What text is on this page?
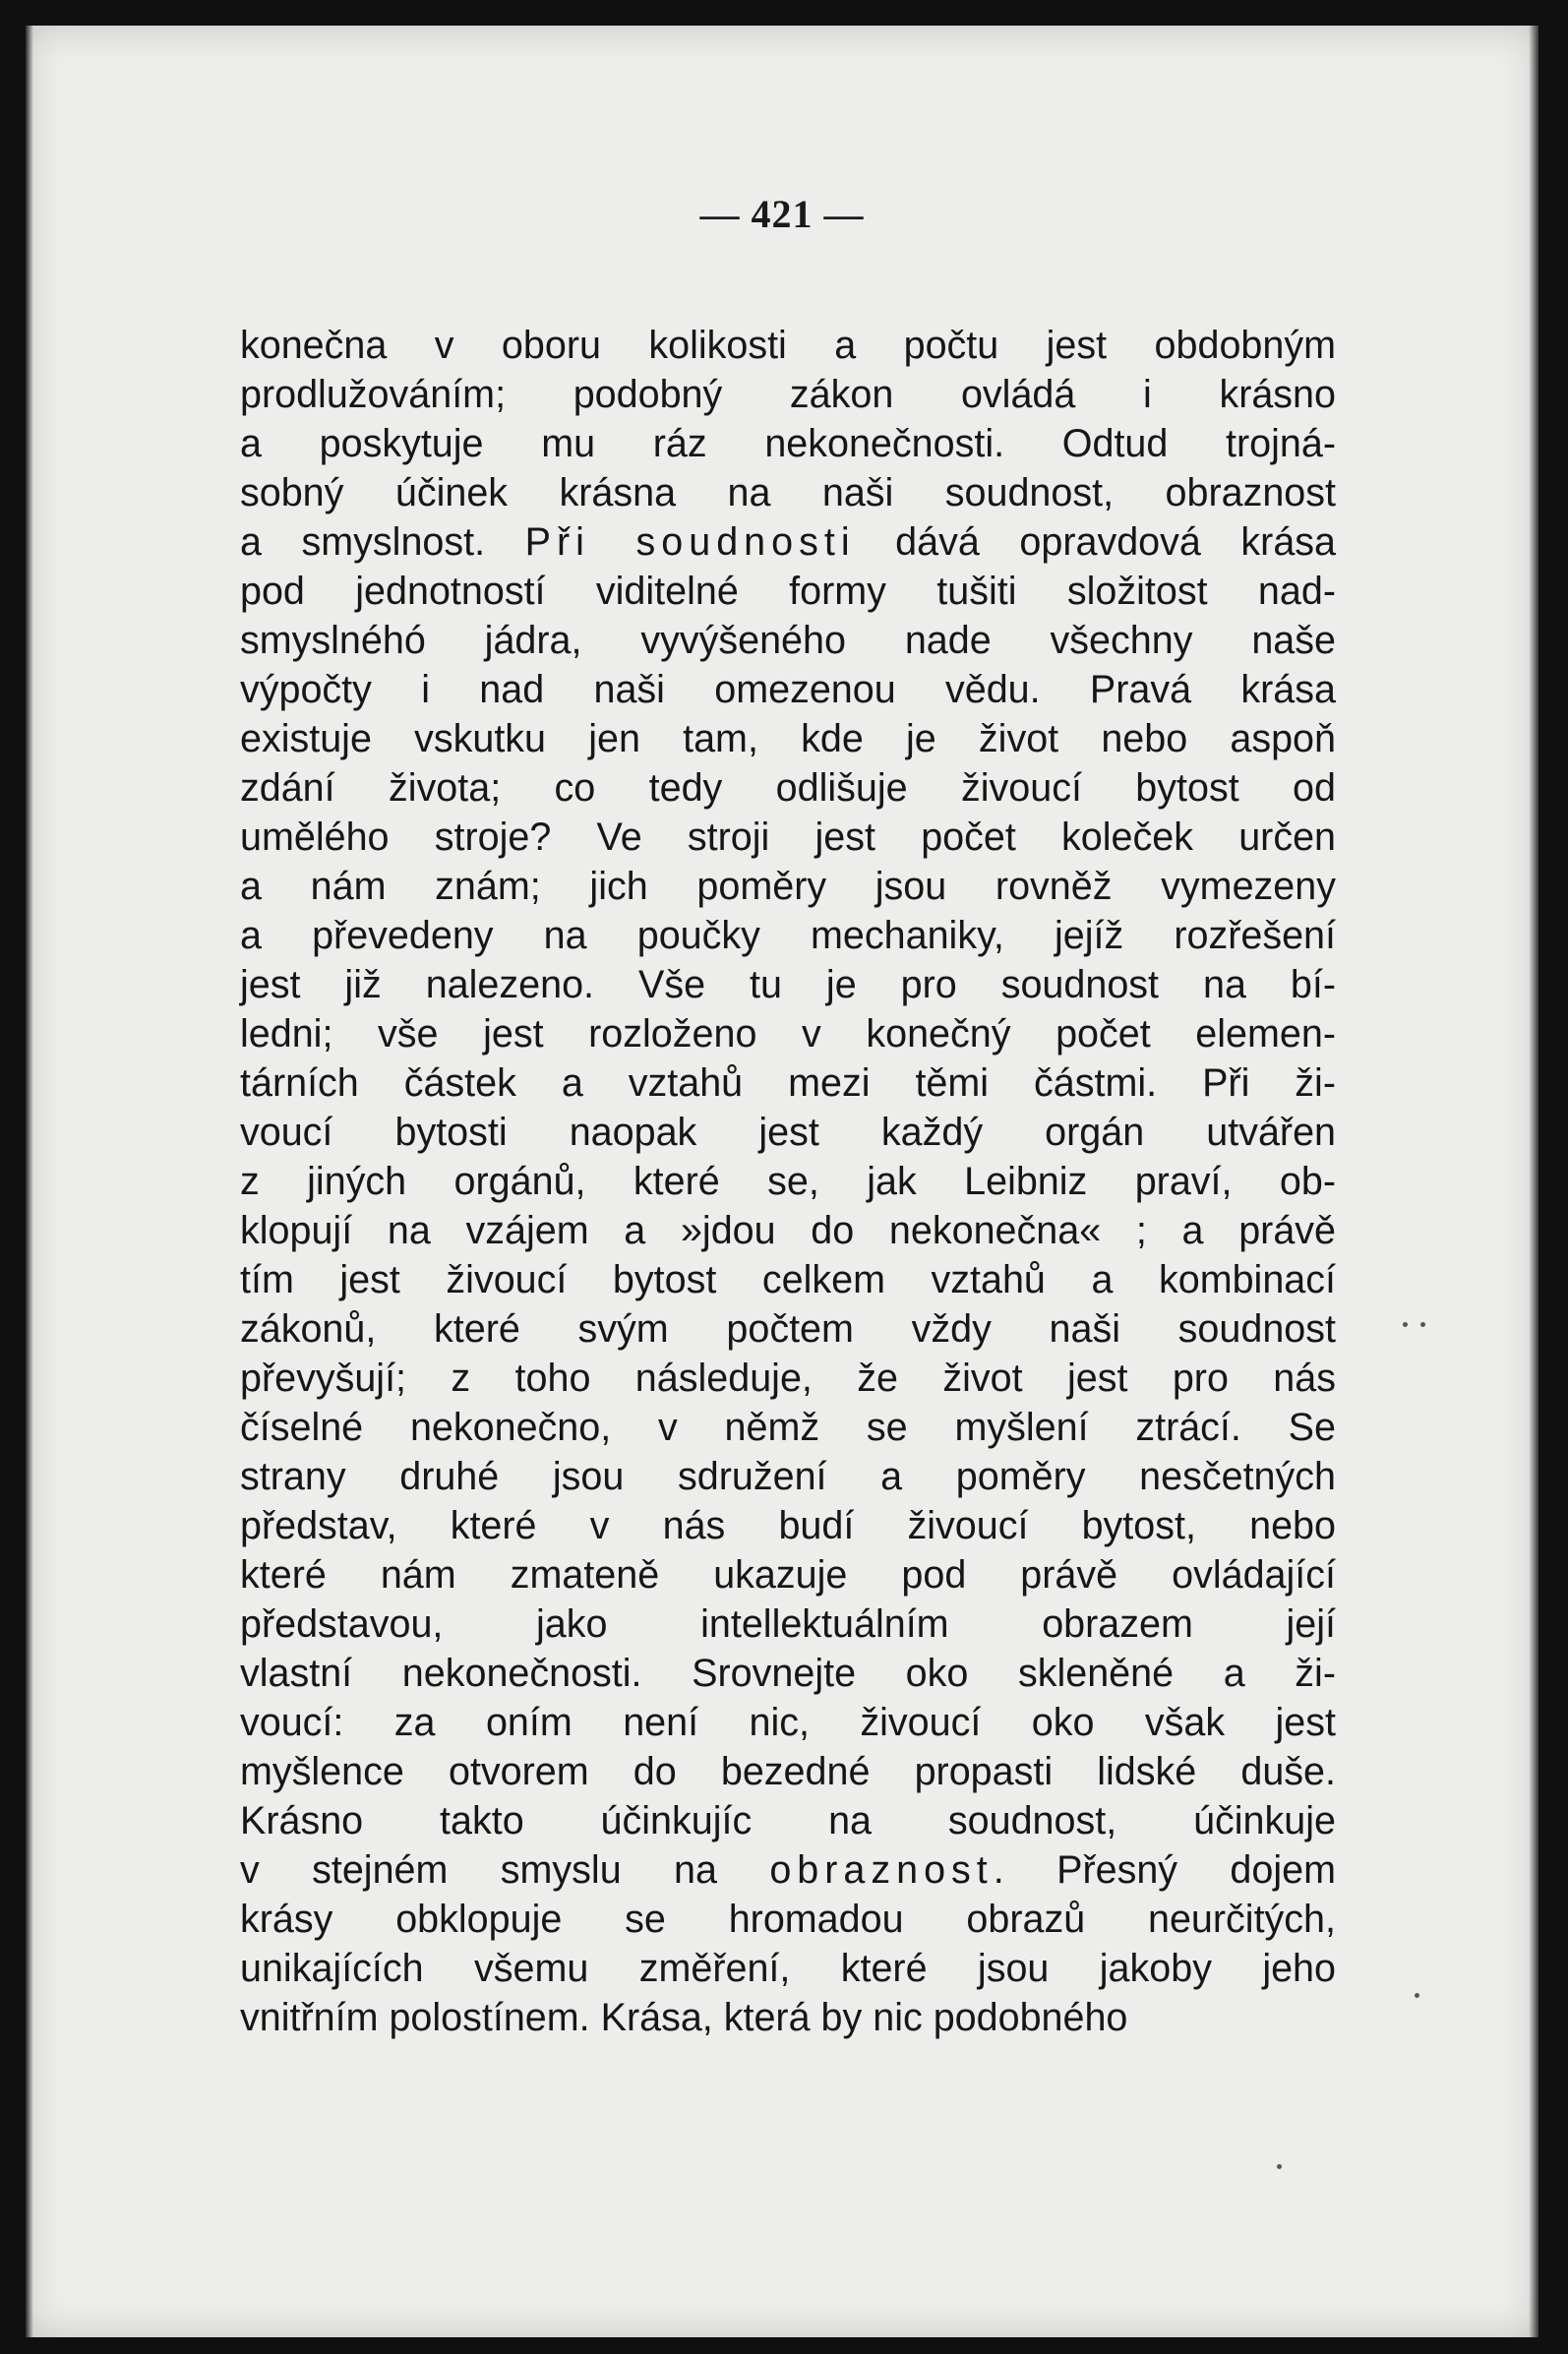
— 421 —
konečna v oboru kolikosti a počtu jest obdobným
prodlužováním; podobný zákon ovládá i krásno
a poskytuje mu ráz nekonečnosti. Odtud trojná-
sobný účinek krásna na naši soudnost, obraznost
a smyslnost. Při soudnosti dává opravdová krása
pod jednotností viditelné formy tušiti složitost nad-
smyslnéhó jádra, vyvýšeného nade všechny naše
výpočty i nad naši omezenou vědu. Pravá krása
existuje vskutku jen tam, kde je život nebo aspoň
zdání života; co tedy odlišuje živoucí bytost od
umělého stroje? Ve stroji jest počet koleček určen
a nám znám; jich poměry jsou rovněž vymezeny
a převedeny na poučky mechaniky, jejíž rozřešení
jest již nalezeno. Vše tu je pro soudnost na bí-
ledni; vše jest rozloženo v konečný počet elemen-
tárních částek a vztahů mezi těmi částmi. Při ži-
voucí bytosti naopak jest každý orgán utvářen
z jiných orgánů, které se, jak Leibniz praví, ob-
klopují na vzájem a »jdou do nekonečna« ; a právě
tím jest živoucí bytost celkem vztahů a kombinací
zákonů, které svým počtem vždy naši soudnost
převyšují; z toho následuje, že život jest pro nás
číselné nekonečno, v němž se myšlení ztrácí. Se
strany druhé jsou sdružení a poměry nesčetných
představ, které v nás budí živoucí bytost, nebo
které nám zmateně ukazuje pod právě ovládající
představou, jako intellektuálním obrazem její
vlastní nekonečnosti. Srovnejte oko skleněné a ži-
voucí: za oním není nic, živoucí oko však jest
myšlence otvorem do bezedné propasti lidské duše.
Krásno takto účinkujíc na soudnost, účinkuje
v stejném smyslu na obraznost. Přesný dojem
krásy obklopuje se hromadou obrazů neurčitých,
unikajících všemu změření, které jsou jakoby jeho
vnitřním polostínem. Krása, která by nic podobného
